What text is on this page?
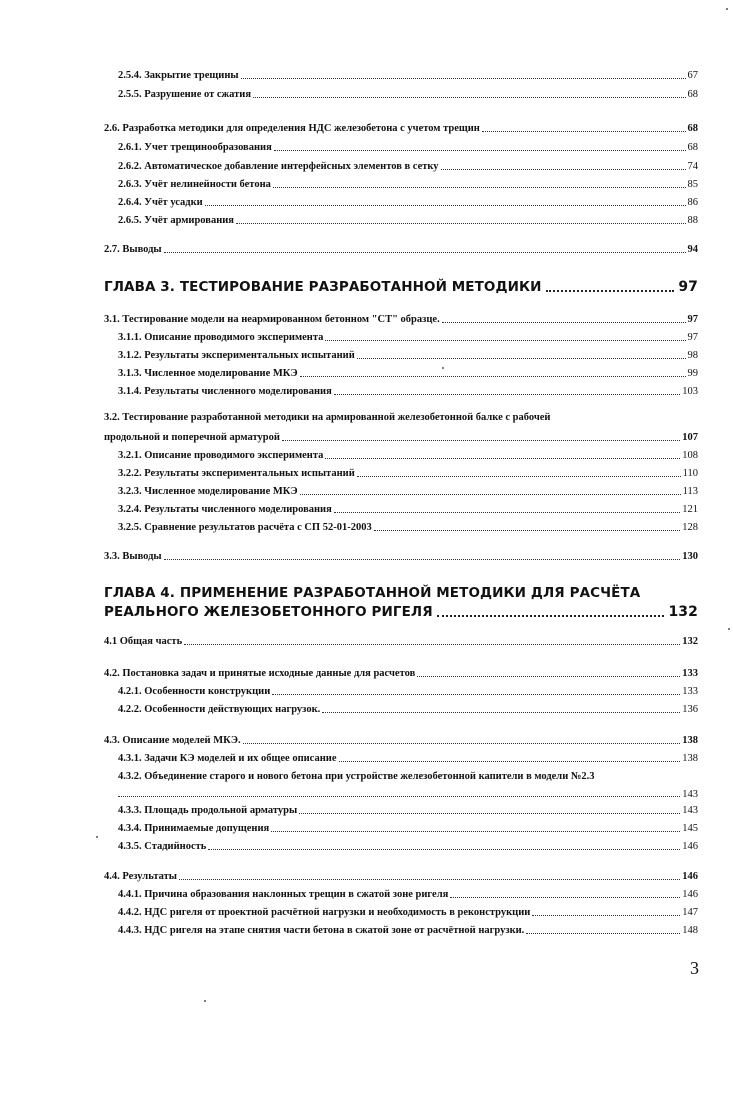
2.5.4. Закрытие трещины	67
2.5.5. Разрушение от сжатия	68
2.6. Разработка методики для определения НДС железобетона с учетом трещин	68
2.6.1. Учет трещинообразования	68
2.6.2. Автоматическое добавление интерфейсных элементов в сетку	74
2.6.3. Учёт нелинейности бетона	85
2.6.4. Учёт усадки	86
2.6.5. Учёт армирования	88
2.7. Выводы	94
ГЛАВА 3. ТЕСТИРОВАНИЕ РАЗРАБОТАННОЙ МЕТОДИКИ	97
3.1. Тестирование модели на неармированном бетонном "СТ" образце.	97
3.1.1. Описание проводимого эксперимента	97
3.1.2. Результаты экспериментальных испытаний	98
3.1.3. Численное моделирование МКЭ	99
3.1.4. Результаты численного моделирования	103
3.2. Тестирование разработанной методики на армированной железобетонной балке с рабочей
продольной и поперечной арматурой	107
3.2.1. Описание проводимого эксперимента	108
3.2.2. Результаты экспериментальных испытаний	110
3.2.3. Численное моделирование МКЭ	113
3.2.4. Результаты численного моделирования	121
3.2.5. Сравнение результатов расчёта с СП 52-01-2003	128
3.3. Выводы	130
ГЛАВА 4. ПРИМЕНЕНИЕ РАЗРАБОТАННОЙ МЕТОДИКИ ДЛЯ РАСЧЁТА
РЕАЛЬНОГО ЖЕЛЕЗОБЕТОННОГО РИГЕЛЯ	132
4.1 Общая часть	132
4.2. Постановка задач и принятые исходные данные для расчетов	133
4.2.1. Особенности конструкции	133
4.2.2. Особенности действующих нагрузок.	136
4.3. Описание моделей МКЭ.	138
4.3.1. Задачи КЭ моделей и их общее описание	138
4.3.2. Объединение старого и нового бетона при устройстве железобетонной капители в модели №2.3
143
4.3.3. Площадь продольной арматуры	143
4.3.4. Принимаемые допущения	145
4.3.5. Стадийность	146
4.4. Результаты	146
4.4.1. Причина образования наклонных трещин в сжатой зоне ригеля	146
4.4.2. НДС ригеля от проектной расчётной нагрузки и необходимость в реконструкции	147
4.4.3. НДС ригеля на этапе снятия части бетона в сжатой зоне от расчётной нагрузки.	148
3
